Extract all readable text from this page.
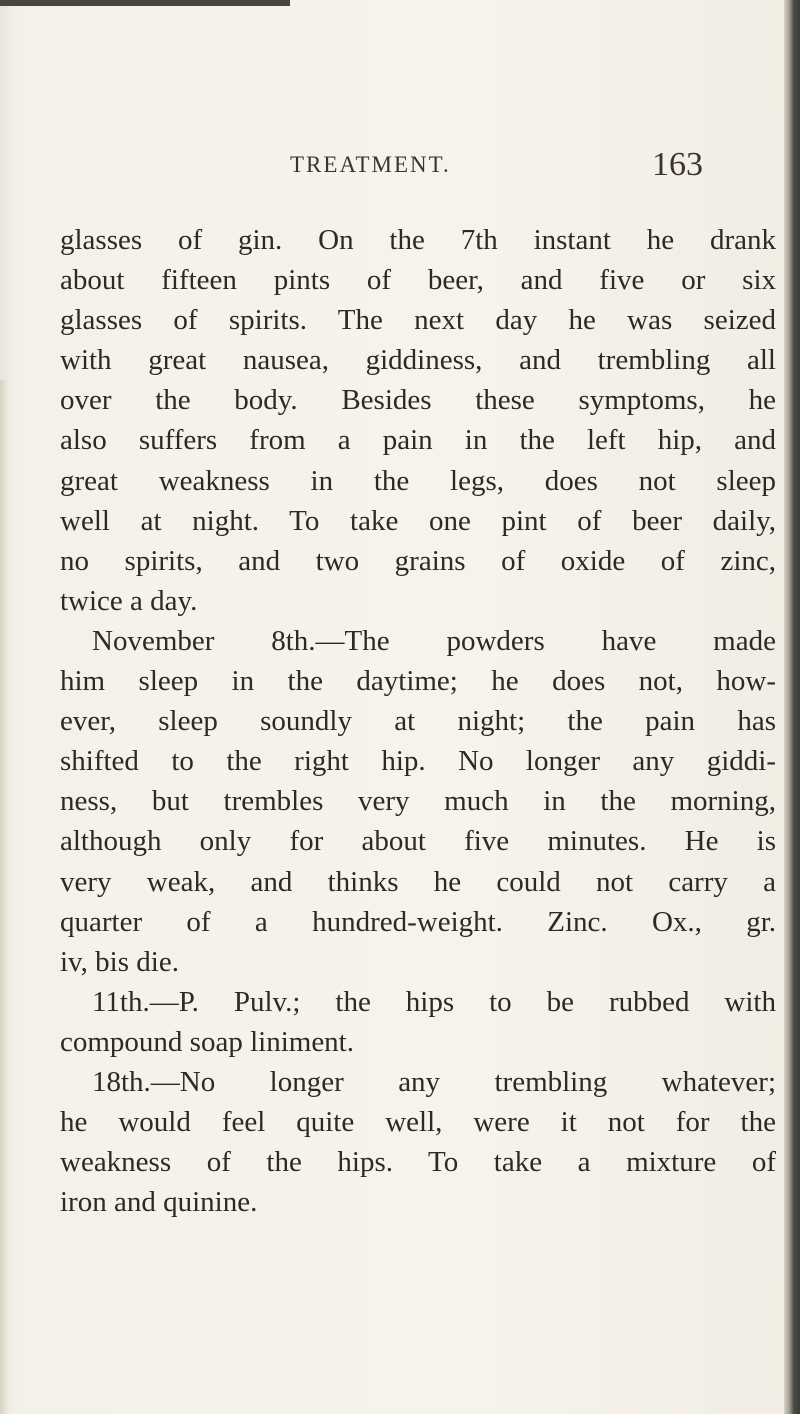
TREATMENT.	163
glasses of gin. On the 7th instant he drank
about fifteen pints of beer, and five or six
glasses of spirits. The next day he was seized
with great nausea, giddiness, and trembling all
over the body. Besides these symptoms, he
also suffers from a pain in the left hip, and
great weakness in the legs, does not sleep
well at night. To take one pint of beer daily,
no spirits, and two grains of oxide of zinc,
twice a day.
November 8th.—The powders have made
him sleep in the daytime; he does not, how-
ever, sleep soundly at night; the pain has
shifted to the right hip. No longer any giddi-
ness, but trembles very much in the morning,
although only for about five minutes. He is
very weak, and thinks he could not carry a
quarter of a hundred-weight. Zinc. Ox., gr.
iv, bis die.
11th.—P. Pulv.; the hips to be rubbed with
compound soap liniment.
18th.—No longer any trembling whatever;
he would feel quite well, were it not for the
weakness of the hips. To take a mixture of
iron and quinine.
